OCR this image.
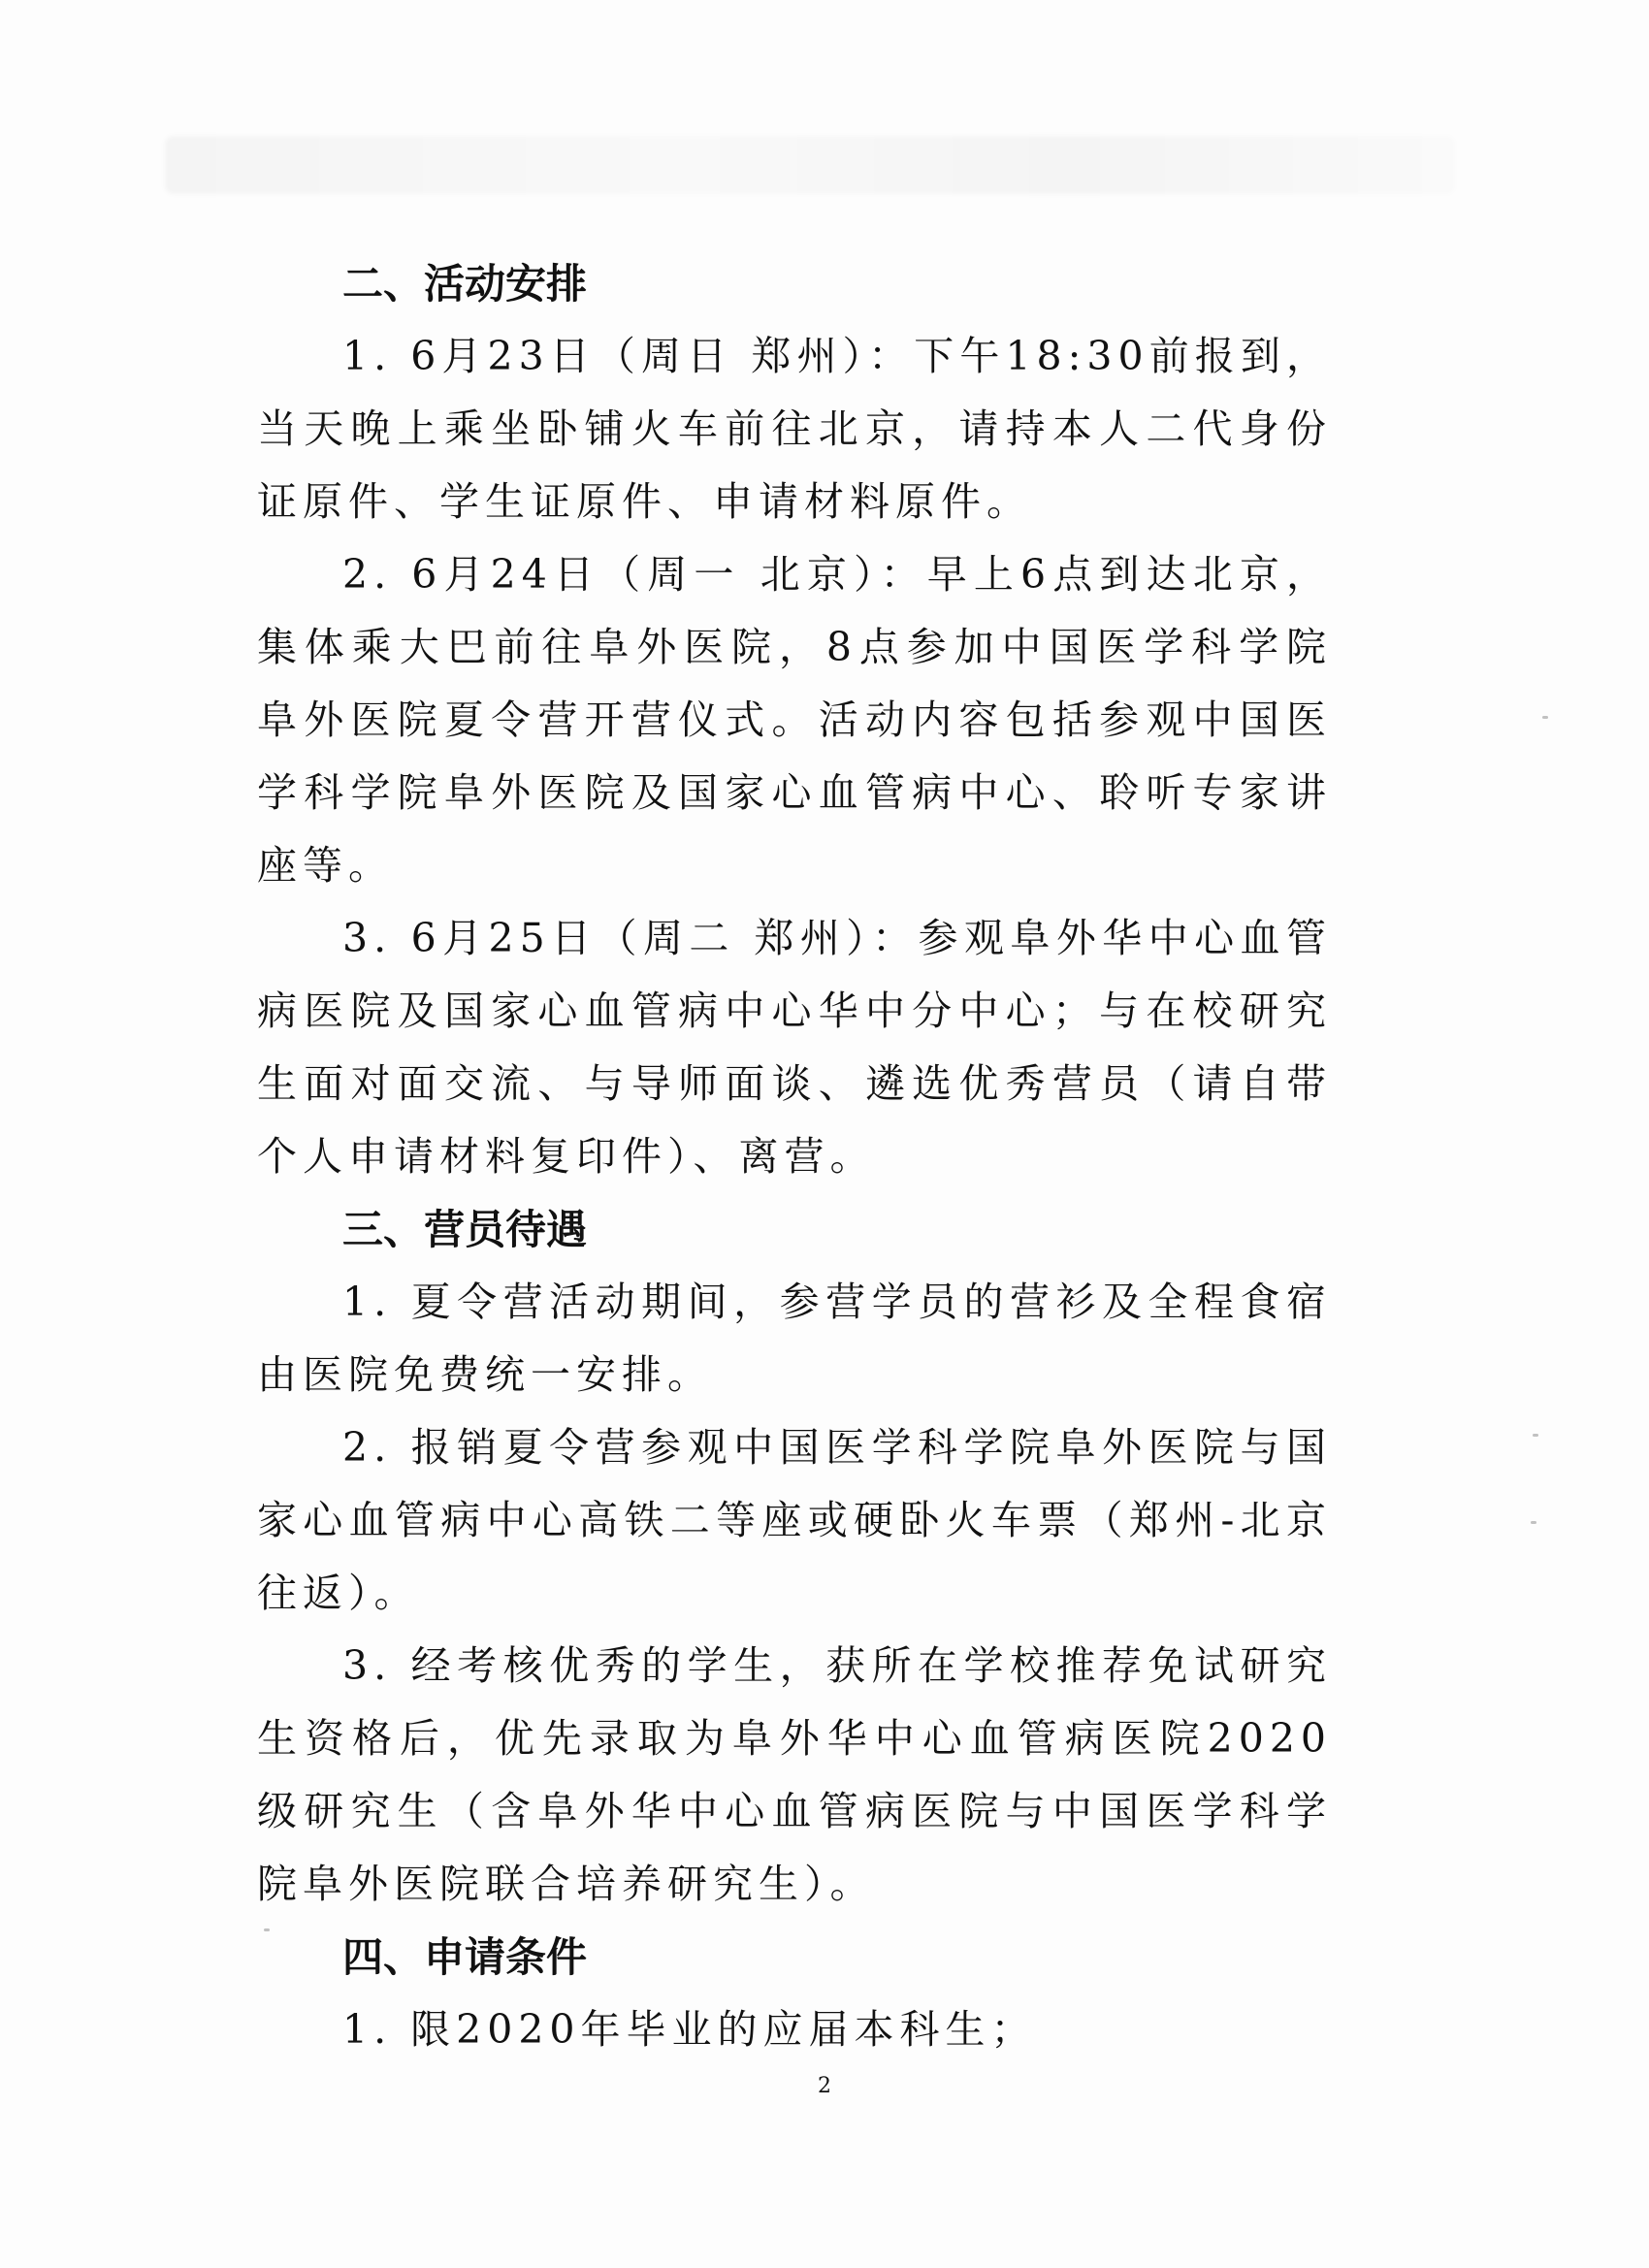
二、活动安排

1. 6月23日（周日 郑州）：下午18:30前报到，当天晚上乘坐卧铺火车前往北京，请持本人二代身份证原件、学生证原件、申请材料原件。

2. 6月24日（周一 北京）：早上6点到达北京，集体乘大巴前往阜外医院，8点参加中国医学科学院阜外医院夏令营开营仪式。活动内容包括参观中国医学科学院阜外医院及国家心血管病中心、聆听专家讲座等。

3. 6月25日（周二 郑州）：参观阜外华中心血管病医院及国家心血管病中心华中分中心；与在校研究生面对面交流、与导师面谈、遴选优秀营员（请自带个人申请材料复印件）、离营。

三、营员待遇

1. 夏令营活动期间，参营学员的营衫及全程食宿由医院免费统一安排。

2. 报销夏令营参观中国医学科学院阜外医院与国家心血管病中心高铁二等座或硬卧火车票（郑州-北京往返）。

3. 经考核优秀的学生，获所在学校推荐免试研究生资格后，优先录取为阜外华中心血管病医院2020级研究生（含阜外华中心血管病医院与中国医学科学院阜外医院联合培养研究生）。

四、申请条件

1. 限2020年毕业的应届本科生；

2
